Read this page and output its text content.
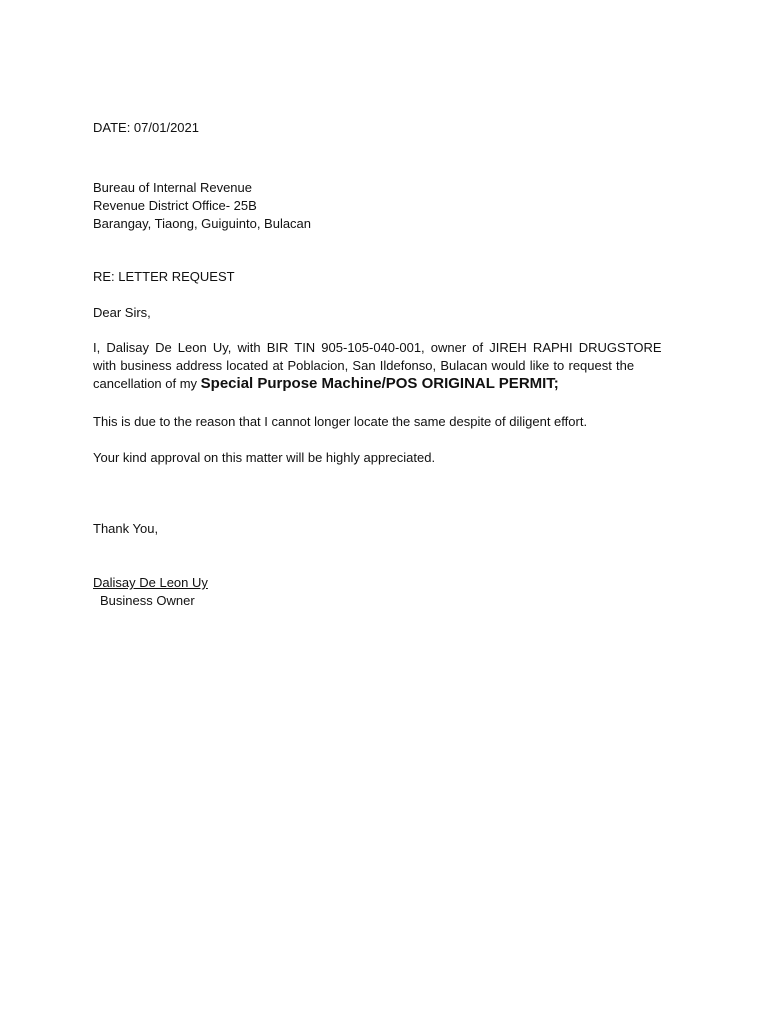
DATE: 07/01/2021

Bureau of Internal Revenue
Revenue District Office- 25B
Barangay, Tiaong, Guiguinto, Bulacan

RE: LETTER REQUEST

Dear Sirs,

I, Dalisay De Leon Uy, with BIR TIN 905-105-040-001, owner of JIREH RAPHI DRUGSTORE
with business address located at Poblacion, San Ildefonso, Bulacan would like to request the
cancellation of my Special Purpose Machine/POS ORIGINAL PERMIT;

This is due to the reason that I cannot longer locate the same despite of diligent effort.

Your kind approval on this matter will be highly appreciated.

Thank You,

Dalisay De Leon Uy
Business Owner
